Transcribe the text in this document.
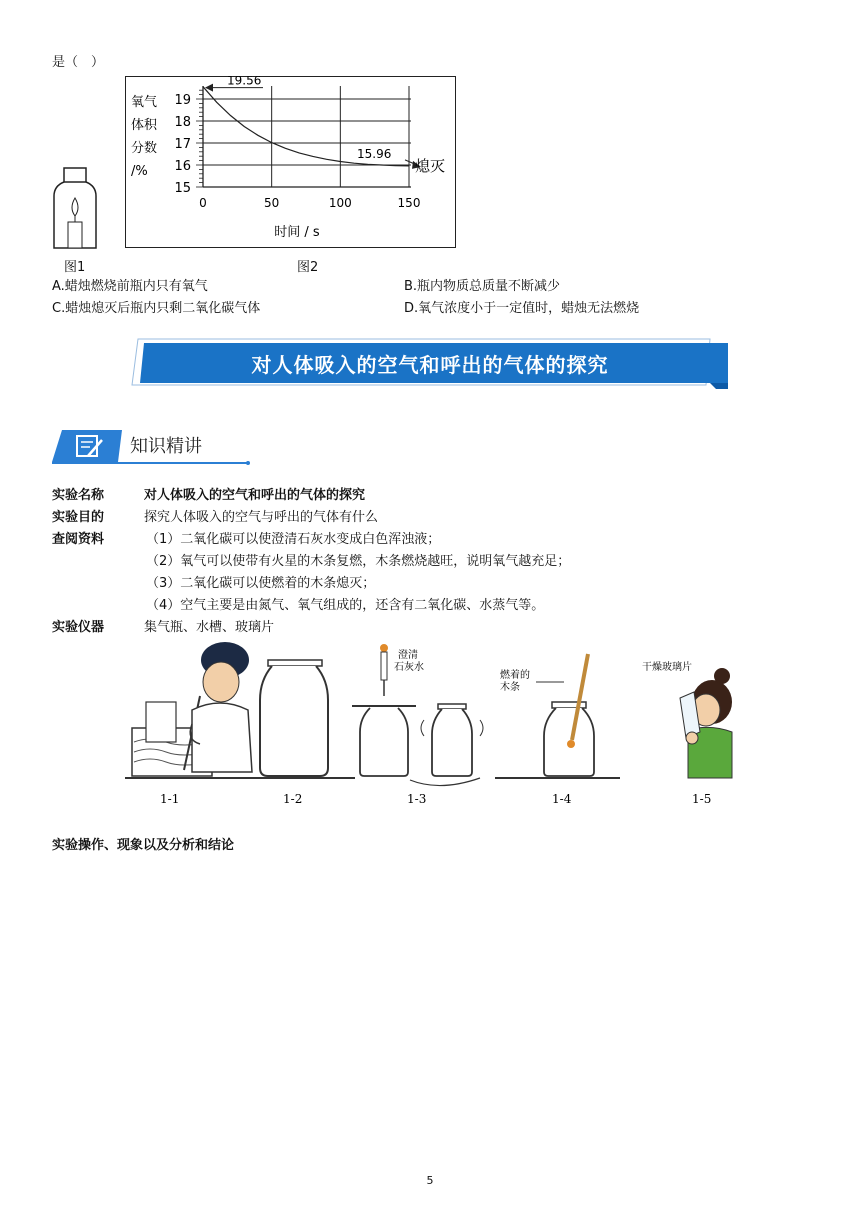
是（　）
图1
氧气
体积
分数
/%
0	50	100	150
15
16
17
18
19
19.56
15.96
熄灭
时间 / s
图2
A.蜡烛燃烧前瓶内只有氧气	B.瓶内物质总质量不断减少
C.蜡烛熄灭后瓶内只剩二氧化碳气体	D.氧气浓度小于一定值时，蜡烛无法燃烧
对人体吸入的空气和呼出的气体的探究
知识精讲
实验名称	对人体吸入的空气和呼出的气体的探究
实验目的	探究人体吸入的空气与呼出的气体有什么
查阅资料	（1）二氧化碳可以使澄清石灰水变成白色浑浊液；
（2）氧气可以使带有火星的木条复燃，木条燃烧越旺，说明氧气越充足；
（3）二氧化碳可以使燃着的木条熄灭；
（4）空气主要是由氮气、氧气组成的，还含有二氧化碳、水蒸气等。
实验仪器	集气瓶、水槽、玻璃片
澄清
石灰水
燃着的
木条
干燥玻璃片
1-1	1-2	1-3	1-4	1-5
实验操作、现象以及分析和结论
5
